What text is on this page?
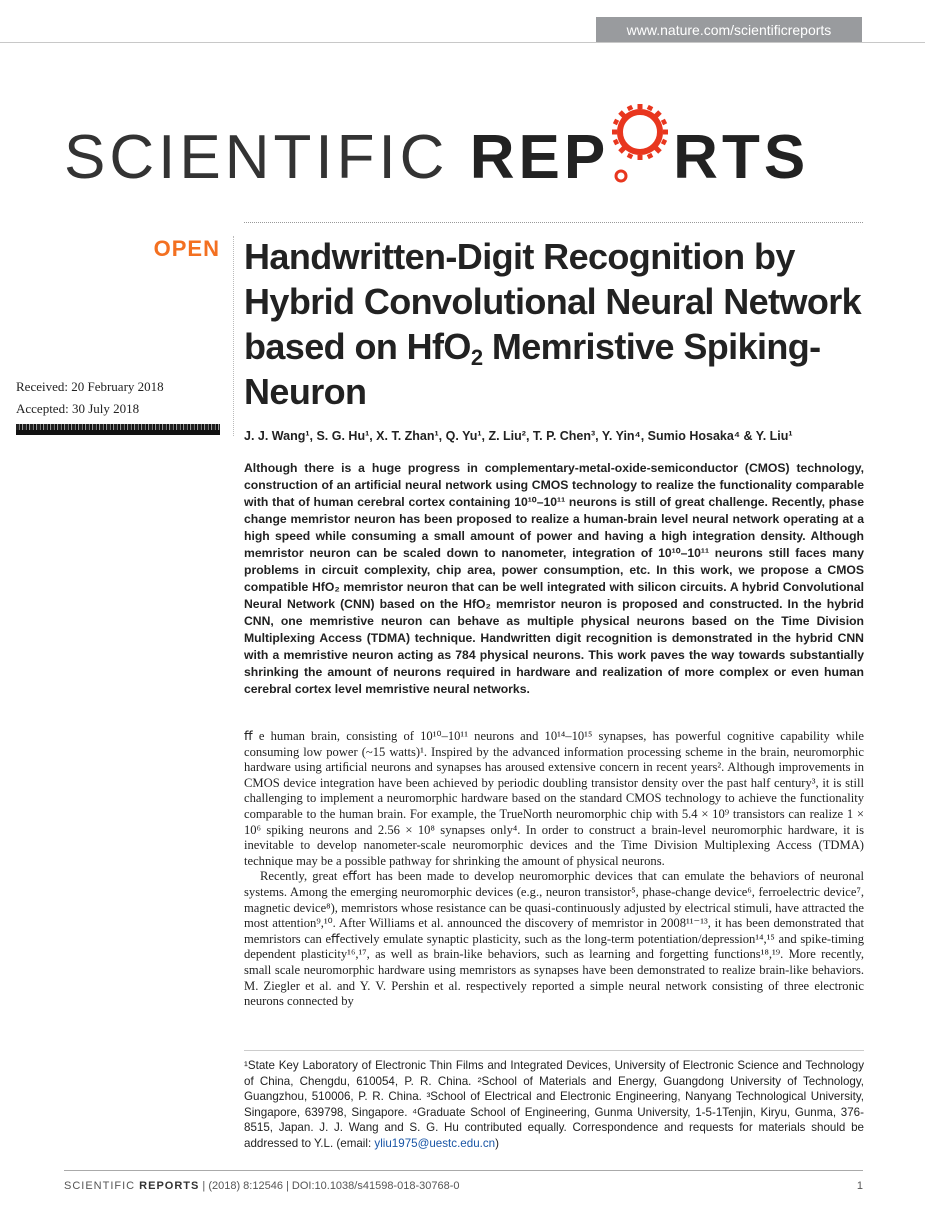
www.nature.com/scientificreports
SCIENTIFIC REP RTS
OPEN Handwritten-Digit Recognition by Hybrid Convolutional Neural Network based on HfO$_2$ Memristive Spiking-Neuron
Received: 20 February 2018
Accepted: 30 July 2018
J. J. Wang¹, S. G. Hu¹, X. T. Zhan¹, Q. Yu¹, Z. Liu², T. P. Chen³, Y. Yin⁴, Sumio Hosaka⁴ & Y. Liu¹
Although there is a huge progress in complementary-metal-oxide-semiconductor (CMOS) technology, construction of an artificial neural network using CMOS technology to realize the functionality comparable with that of human cerebral cortex containing 10¹⁰–10¹¹ neurons is still of great challenge. Recently, phase change memristor neuron has been proposed to realize a human-brain level neural network operating at a high speed while consuming a small amount of power and having a high integration density. Although memristor neuron can be scaled down to nanometer, integration of 10¹⁰–10¹¹ neurons still faces many problems in circuit complexity, chip area, power consumption, etc. In this work, we propose a CMOS compatible HfO₂ memristor neuron that can be well integrated with silicon circuits. A hybrid Convolutional Neural Network (CNN) based on the HfO₂ memristor neuron is proposed and constructed. In the hybrid CNN, one memristive neuron can behave as multiple physical neurons based on the Time Division Multiplexing Access (TDMA) technique. Handwritten digit recognition is demonstrated in the hybrid CNN with a memristive neuron acting as 784 physical neurons. This work paves the way towards substantially shrinking the amount of neurons required in hardware and realization of more complex or even human cerebral cortex level memristive neural networks.

ﬀ e human brain, consisting of 10¹⁰–10¹¹ neurons and 10¹⁴–10¹⁵ synapses, has powerful cognitive capability while consuming low power (~15 watts)¹. Inspired by the advanced information processing scheme in the brain, neuromorphic hardware using artiﬁcial neurons and synapses has aroused extensive concern in recent years². Although improvements in CMOS device integration have been achieved by periodic doubling transistor density over the past half century³, it is still challenging to implement a neuromorphic hardware based on the standard CMOS technology to achieve the functionality comparable to the human brain. For example, the TrueNorth neuromorphic chip with 5.4 × 10⁹ transistors can realize 1 × 10⁶ spiking neurons and 2.56 × 10⁸ synapses only⁴. In order to construct a brain-level neuromorphic hardware, it is inevitable to develop nanometer-scale neuromorphic devices and the Time Division Multiplexing Access (TDMA) technique may be a possible pathway for shrinking the amount of physical neurons.

Recently, great eﬀort has been made to develop neuromorphic devices that can emulate the behaviors of neuronal systems. Among the emerging neuromorphic devices (e.g., neuron transistor⁵, phase-change device⁶, ferroelectric device⁷, magnetic device⁸), memristors whose resistance can be quasi-continuously adjusted by electrical stimuli, have attracted the most attention⁹,¹⁰. After Williams et al. announced the discovery of memristor in 2008¹¹⁻¹³, it has been demonstrated that memristors can eﬀectively emulate synaptic plasticity, such as the long-term potentiation/depression¹⁴,¹⁵ and spike-timing dependent plasticity¹⁶,¹⁷, as well as brain-like behaviors, such as learning and forgetting functions¹⁸,¹⁹. More recently, small scale neuromorphic hardware using memristors as synapses have been demonstrated to realize brain-like behaviors. M. Ziegler et al. and Y. V. Pershin et al. respectively reported a simple neural network consisting of three electronic neurons connected by

¹State Key Laboratory of Electronic Thin Films and Integrated Devices, University of Electronic Science and Technology of China, Chengdu, 610054, P. R. China. ²School of Materials and Energy, Guangdong University of Technology, Guangzhou, 510006, P. R. China. ³School of Electrical and Electronic Engineering, Nanyang Technological University, Singapore, 639798, Singapore. ⁴Graduate School of Engineering, Gunma University, 1-5-1Tenjin, Kiryu, Gunma, 376-8515, Japan. J. J. Wang and S. G. Hu contributed equally. Correspondence and requests for materials should be addressed to Y.L. (email: yliu1975@uestc.edu.cn)
SCIENTIFIC REPORTS | (2018) 8:12546 | DOI:10.1038/s41598-018-30768-0	1
